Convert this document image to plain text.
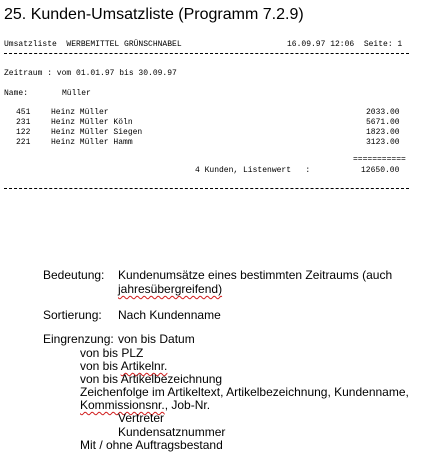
25. Kunden-Umsatzliste (Programm 7.2.9)
Umsatzliste  WERBEMITTEL GRÜNSCHNABEL	16.09.97 12:06  Seite: 1
Zeitraum : vom 01.01.97 bis 30.09.97
Name:	Müller
451	Heinz Müller	2033.00
231	Heinz Müller Köln	5671.00
122	Heinz Müller Siegen	1823.00
221	Heinz Müller Hamm	3123.00
===========
4 Kunden, Listenwert   :	12650.00
Bedeutung: Kundenumsätze eines bestimmten Zeitraums (auch
jahresübergreifend)
Sortierung: Nach Kundenname
Eingrenzung: von bis Datum
von bis PLZ
von bis Artikelnr.
von bis Artikelbezeichnung
Zeichenfolge im Artikeltext, Artikelbezeichnung, Kundenname,
Kommissionsnr., Job-Nr.
Vertreter
Kundensatznummer
Mit / ohne Auftragsbestand
